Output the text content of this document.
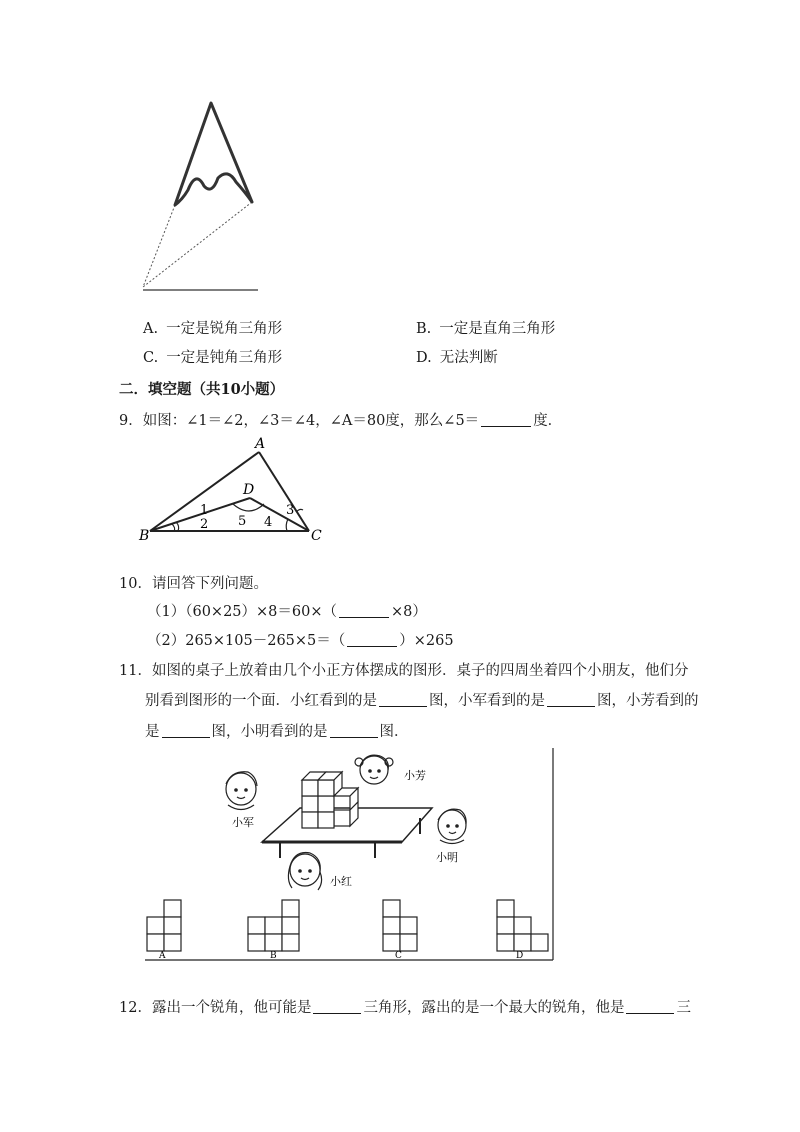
A. 一定是锐角三角形	B. 一定是直角三角形
C. 一定是钝角三角形	D. 无法判断
二．填空题（共10小题）
9．如图：∠1＝∠2，∠3＝∠4，∠A＝80度，那么∠5＝	度．
A
B	C
D
1
2
3
4
5
10．请回答下列问题。
（1）（60×25）×8＝60×（	×8）
（2）265×105－265×5＝（	）×265
11．如图的桌子上放着由几个小正方体摆成的图形．桌子的四周坐着四个小朋友，他们分
别看到图形的一个面．小红看到的是	图，小军看到的是	图，小芳看到的
是	图，小明看到的是	图．
小军
小芳
小明
小红
A	B	C	D
12．露出一个锐角，他可能是	三角形，露出的是一个最大的锐角，他是	三
